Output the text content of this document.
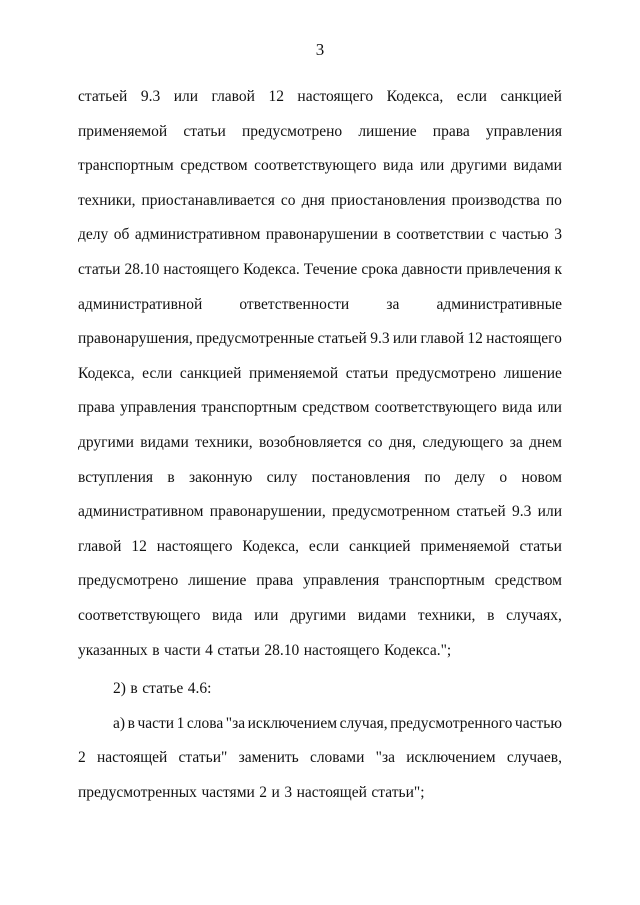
3
статьей 9.3 или главой 12 настоящего Кодекса, если санкцией
применяемой статьи предусмотрено лишение права управления
транспортным средством соответствующего вида или другими видами
техники, приостанавливается со дня приостановления производства по
делу об административном правонарушении в соответствии с частью 3
статьи 28.10 настоящего Кодекса. Течение срока давности привлечения к
административной ответственности за административные
правонарушения, предусмотренные статьей 9.3 или главой 12 настоящего
Кодекса, если санкцией применяемой статьи предусмотрено лишение
права управления транспортным средством соответствующего вида или
другими видами техники, возобновляется со дня, следующего за днем
вступления в законную силу постановления по делу о новом
административном правонарушении, предусмотренном статьей 9.3 или
главой 12 настоящего Кодекса, если санкцией применяемой статьи
предусмотрено лишение права управления транспортным средством
соответствующего вида или другими видами техники, в случаях,
указанных в части 4 статьи 28.10 настоящего Кодекса.";
2) в статье 4.6:
а) в части 1 слова "за исключением случая, предусмотренного частью
2 настоящей статьи" заменить словами "за исключением случаев,
предусмотренных частями 2 и 3 настоящей статьи";
